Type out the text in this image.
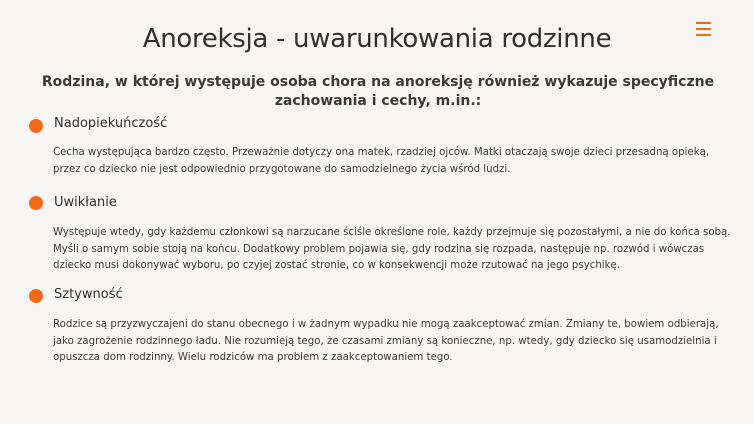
Anoreksja - uwarunkowania rodzinne

Rodzina, w której występuje osoba chora na anoreksję również wykazuje specyficzne zachowania i cechy, m.in.:

Nadopiekuńczość

Cecha występująca bardzo często. Przeważnie dotyczy ona matek, rzadziej ojców. Matki otaczają swoje dzieci przesadną opieką, przez co dziecko nie jest odpowiednio przygotowane do samodzielnego życia wśród ludzi.

Uwikłanie

Występuje wtedy, gdy każdemu członkowi są narzucane ściśle określone role, każdy przejmuje się pozostałymi, a nie do końca sobą. Myśli o samym sobie stoją na końcu. Dodatkowy problem pojawia się, gdy rodzina się rozpada, następuje np. rozwód i wówczas dziecko musi dokonywać wyboru, po czyjej zostać stronie, co w konsekwencji może rzutować na jego psychikę.

Sztywność

Rodzice są przyzwyczajeni do stanu obecnego i w żadnym wypadku nie mogą zaakceptować zmian. Zmiany te, bowiem odbierają, jako zagrożenie rodzinnego ładu. Nie rozumieją tego, że czasami zmiany są konieczne, np. wtedy, gdy dziecko się usamodzielnia i opuszcza dom rodzinny. Wielu rodziców ma problem z zaakceptowaniem tego.
